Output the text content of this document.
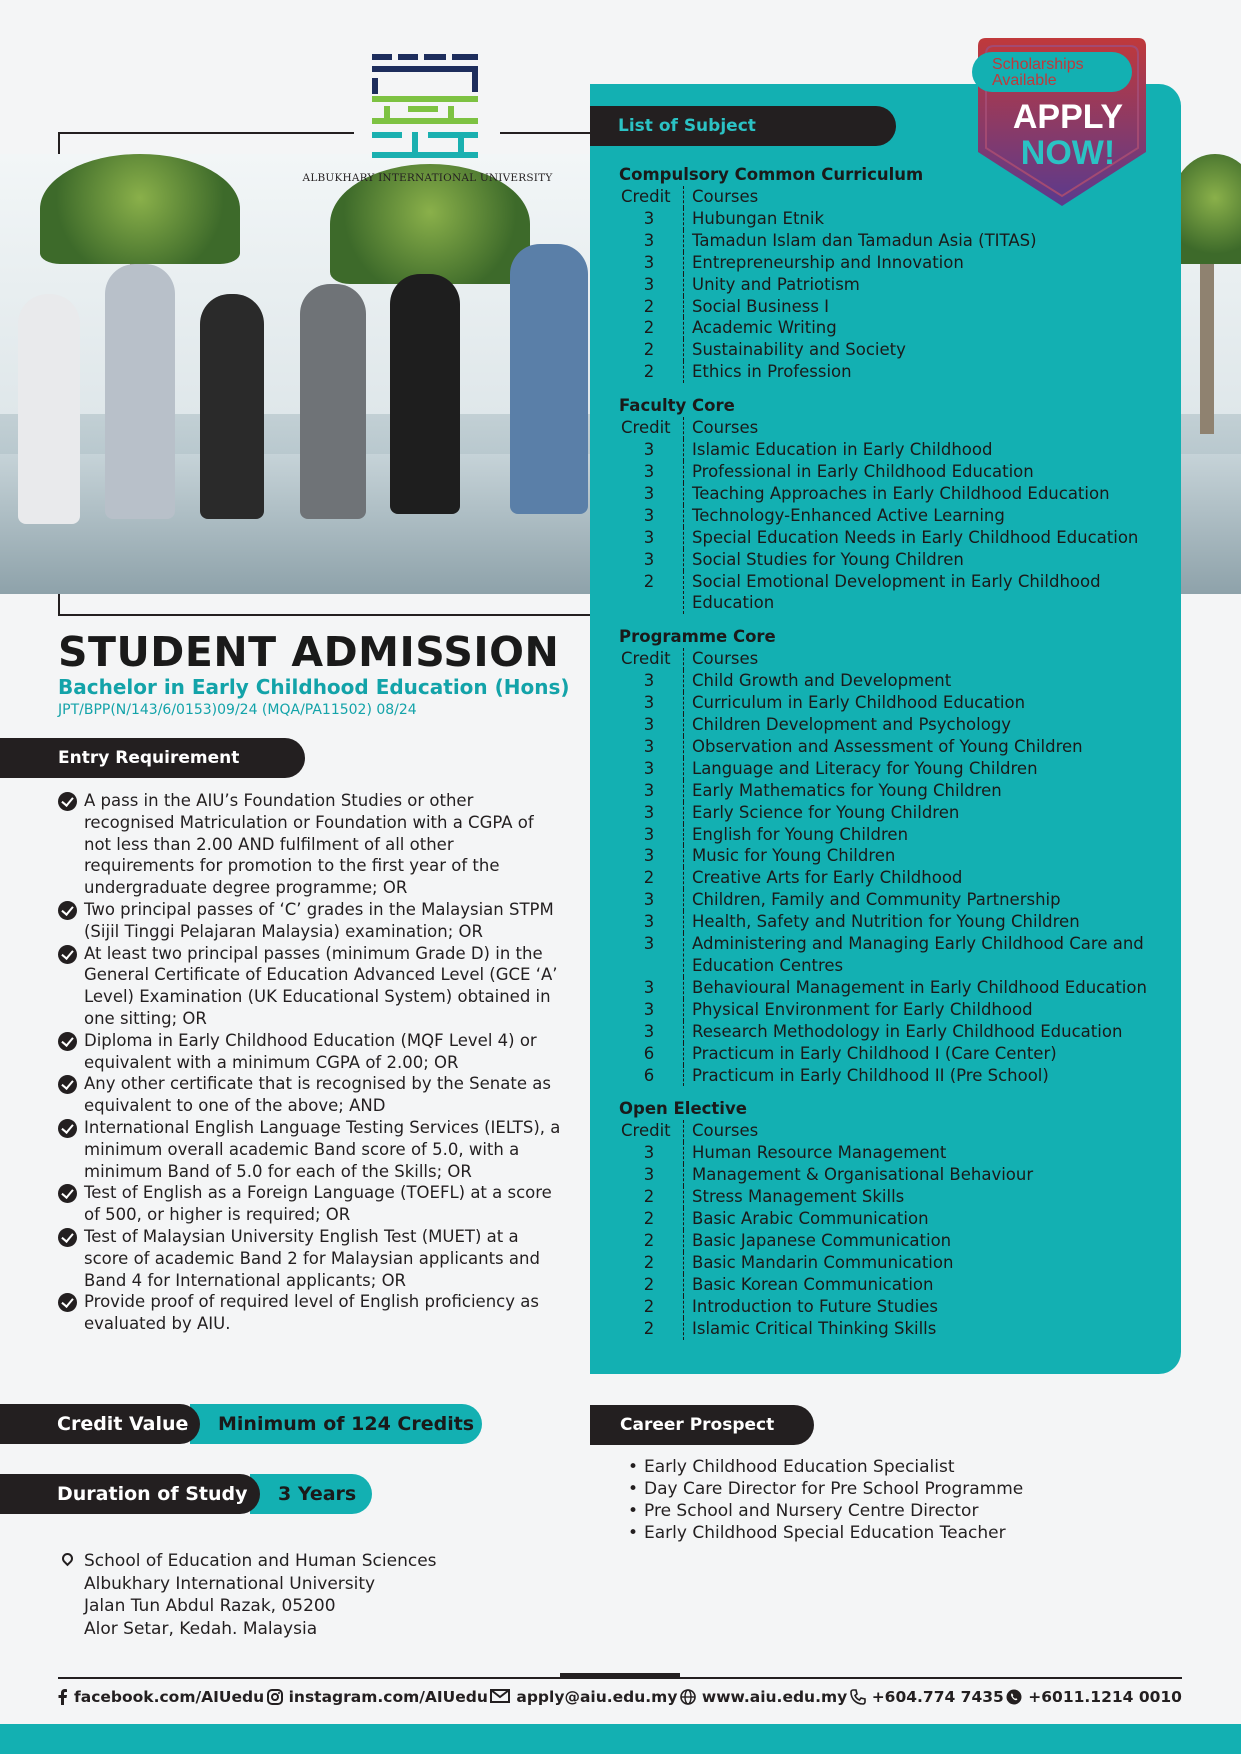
ALBUKHARY INTERNATIONAL UNIVERSITY
STUDENT ADMISSION
Bachelor in Early Childhood Education (Hons)
JPT/BPP(N/143/6/0153)09/24 (MQA/PA11502) 08/24
Entry Requirement
A pass in the AIU’s Foundation Studies or other recognised Matriculation or Foundation with a CGPA of not less than 2.00 AND fulfilment of all other requirements for promotion to the first year of the undergraduate degree programme; OR
Two principal passes of ‘C’ grades in the Malaysian STPM (Sijil Tinggi Pelajaran Malaysia) examination; OR
At least two principal passes (minimum Grade D) in the General Certificate of Education Advanced Level (GCE ‘A’ Level) Examination (UK Educational System) obtained in one sitting; OR
Diploma in Early Childhood Education (MQF Level 4) or equivalent with a minimum CGPA of 2.00; OR
Any other certificate that is recognised by the Senate as equivalent to one of the above; AND
International English Language Testing Services (IELTS), a minimum overall academic Band score of 5.0, with a minimum Band of 5.0 for each of the Skills; OR
Test of English as a Foreign Language (TOEFL) at a score of 500, or higher is required; OR
Test of Malaysian University English Test (MUET) at a score of academic Band 2 for Malaysian applicants and Band 4 for International applicants; OR
Provide proof of required level of English proficiency as evaluated by AIU.
Minimum of 124 Credits
Credit Value
3 Years
Duration of Study
School of Education and Human Sciences
Albukhary International University
Jalan Tun Abdul Razak, 05200
Alor Setar, Kedah. Malaysia
List of Subject
Compulsory Common Curriculum
Credit	Courses
3	Hubungan Etnik
3	Tamadun Islam dan Tamadun Asia (TITAS)
3	Entrepreneurship and Innovation
3	Unity and Patriotism
2	Social Business I
2	Academic Writing
2	Sustainability and Society
2	Ethics in Profession
Faculty Core
Credit	Courses
3	Islamic Education in Early Childhood
3	Professional in Early Childhood Education
3	Teaching Approaches in Early Childhood Education
3	Technology-Enhanced Active Learning
3	Special Education Needs in Early Childhood Education
3	Social Studies for Young Children
2	Social Emotional Development in Early Childhood Education
Programme Core
Credit	Courses
3	Child Growth and Development
3	Curriculum in Early Childhood Education
3	Children Development and Psychology
3	Observation and Assessment of Young Children
3	Language and Literacy for Young Children
3	Early Mathematics for Young Children
3	Early Science for Young Children
3	English for Young Children
3	Music for Young Children
2	Creative Arts for Early Childhood
3	Children, Family and Community Partnership
3	Health, Safety and Nutrition for Young Children
3	Administering and Managing Early Childhood Care and Education Centres
3	Behavioural Management in Early Childhood Education
3	Physical Environment for Early Childhood
3	Research Methodology in Early Childhood Education
6	Practicum in Early Childhood I (Care Center)
6	Practicum in Early Childhood II (Pre School)
Open Elective
Credit	Courses
3	Human Resource Management
3	Management & Organisational Behaviour
2	Stress Management Skills
2	Basic Arabic Communication
2	Basic Japanese Communication
2	Basic Mandarin Communication
2	Basic Korean Communication
2	Introduction to Future Studies
2	Islamic Critical Thinking Skills
Scholarships
Available
APPLY
NOW!
Career Prospect
• Early Childhood Education Specialist
• Day Care Director for Pre School Programme
• Pre School and Nursery Centre Director
• Early Childhood Special Education Teacher
facebook.com/AIUedu instagram.com/AIUedu apply@aiu.edu.my www.aiu.edu.my +604.774 7435 +6011.1214 0010
